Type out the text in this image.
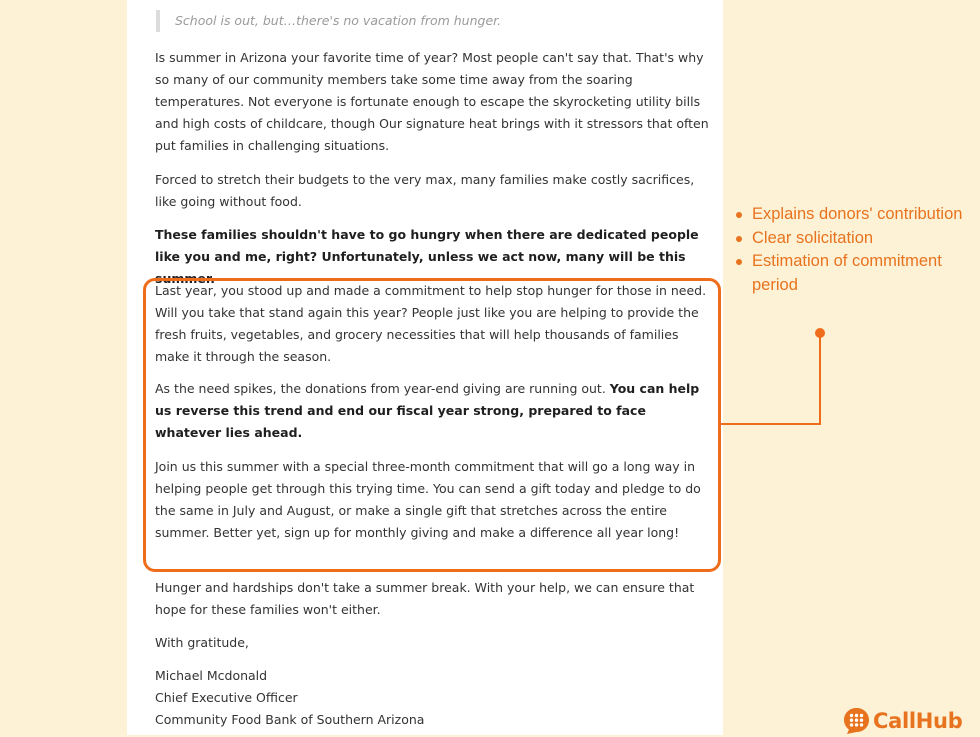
School is out, but…there's no vacation from hunger.

Is summer in Arizona your favorite time of year? Most people can't say that. That's why so many of our community members take some time away from the soaring temperatures. Not everyone is fortunate enough to escape the skyrocketing utility bills and high costs of childcare, though Our signature heat brings with it stressors that often put families in challenging situations.

Forced to stretch their budgets to the very max, many families make costly sacrifices, like going without food.

These families shouldn't have to go hungry when there are dedicated people like you and me, right? Unfortunately, unless we act now, many will be this summer.

Last year, you stood up and made a commitment to help stop hunger for those in need. Will you take that stand again this year? People just like you are helping to provide the fresh fruits, vegetables, and grocery necessities that will help thousands of families make it through the season.

As the need spikes, the donations from year-end giving are running out. You can help us reverse this trend and end our fiscal year strong, prepared to face whatever lies ahead.

Join us this summer with a special three-month commitment that will go a long way in helping people get through this trying time. You can send a gift today and pledge to do the same in July and August, or make a single gift that stretches across the entire summer. Better yet, sign up for monthly giving and make a difference all year long!

Hunger and hardships don't take a summer break. With your help, we can ensure that hope for these families won't either.

With gratitude,

Michael Mcdonald

Chief Executive Officer

Community Food Bank of Southern Arizona

Explains donors' contribution
Clear solicitation
Estimation of commitment period
CallHub
